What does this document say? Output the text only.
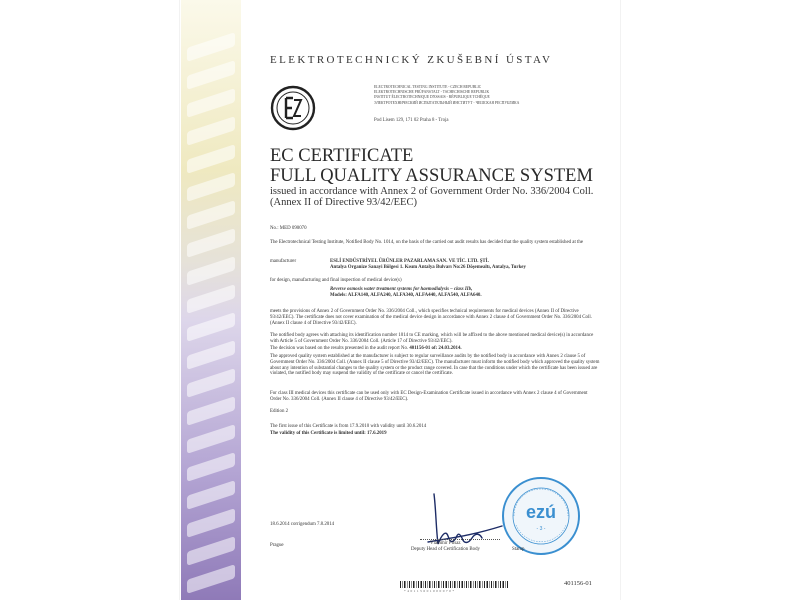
ELEKTROTECHNICKÝ ZKUŠEBNÍ ÚSTAV
ELECTROTECHNICAL TESTING INSTITUTE - CZECH REPUBLIC
ELEKTROTECHNISCHE PRÜFANSTALT - TSCHECHISCHE REPUBLIK
INSTITUT ÉLECTROTECHNIQUE D'ESSAIS - RÉPUBLIQUE TCHÈQUE
ЭЛЕКТРОТЕХНИЧЕСКИЙ ИСПЫТАТЕЛЬНЫЙ ИНСТИТУТ - ЧЕШСКАЯ РЕСПУБЛИКА
Pod Lisem 129, 171 02 Praha 8 - Troja
EC CERTIFICATE
FULL QUALITY ASSURANCE SYSTEM
issued in accordance with Annex 2 of Government Order No. 336/2004 Coll.
(Annex II of Directive 93/42/EEC)
No.: MED 090070
The Electrotechnical Testing Institute, Notified Body No. 1014, on the basis of the carried out audit results has decided that the quality system established at the
manufacturer	ESLİ ENDÜSTRİYEL ÜRÜNLER PAZARLAMA SAN. VE TİC. LTD. ŞTİ.
Antalya Organize Sanayi Bölgesi 1. Kısım Antalya Bulvarı No:26 Döşemealtı, Antalya, Turkey
for design, manufacturing and final inspection of medical device(s)
Reverse osmosis water treatment systems for haemodialysis – class IIb,
Models: ALFA140, ALFA240, ALFA340, ALFA440, ALFA540, ALFA640.
meets the provisions of Annex 2 of Government Order No. 336/2004 Coll., which specifies technical requirements for medical devices (Annex II of Directive 93/42/EEC). The certificate does not cover examination of the medical device design in accordance with Annex 2 clause 4 of Government Order No. 336/2004 Coll. (Annex II clause 4 of Directive 93/42/EEC).
The notified body agrees with attaching its identification number 1014 to CE marking, which will be affixed to the above mentioned medical device(s) in accordance with Article 5 of Government Order No. 336/2004 Coll. (Article 17 of Directive 93/42/EEC).
The decision was based on the results presented in the audit report No. 401156-01 of: 24.03.2014.
The approved quality system established at the manufacturer is subject to regular surveillance audits by the notified body in accordance with Annex 2 clause 5 of Government Order No. 336/2004 Coll. (Annex II clause 5 of Directive 93/42/EEC). The manufacturer must inform the notified body which approved the quality system about any intention of substantial changes to the quality system or the product range covered. In case that the conditions under which the certificate has been issued are violated, the notified body may suspend the validity of the certificate or cancel the certificate.
For class III medical devices this certificate can be used only with EC Design-Examination Certificate issued in accordance with Annex 2 clause 4 of Government Order No. 336/2004 Coll. (Annex II clause 4 of Directive 93/42/EEC).
Edition 2
The first issue of this Certificate is from 17.9.2010 with validity until 30.6.2014
The validity of this Certificate is limited until: 17.6.2019
18.6.2014 corrigendum 7.8.2014
Prague	Vladimír Filsaz
Deputy Head of Certification Body
ezú
- 3 -
Stamp
* 4 0 1 1 5 6 0 1 0 0 0 0 7 0 *
401156-01
